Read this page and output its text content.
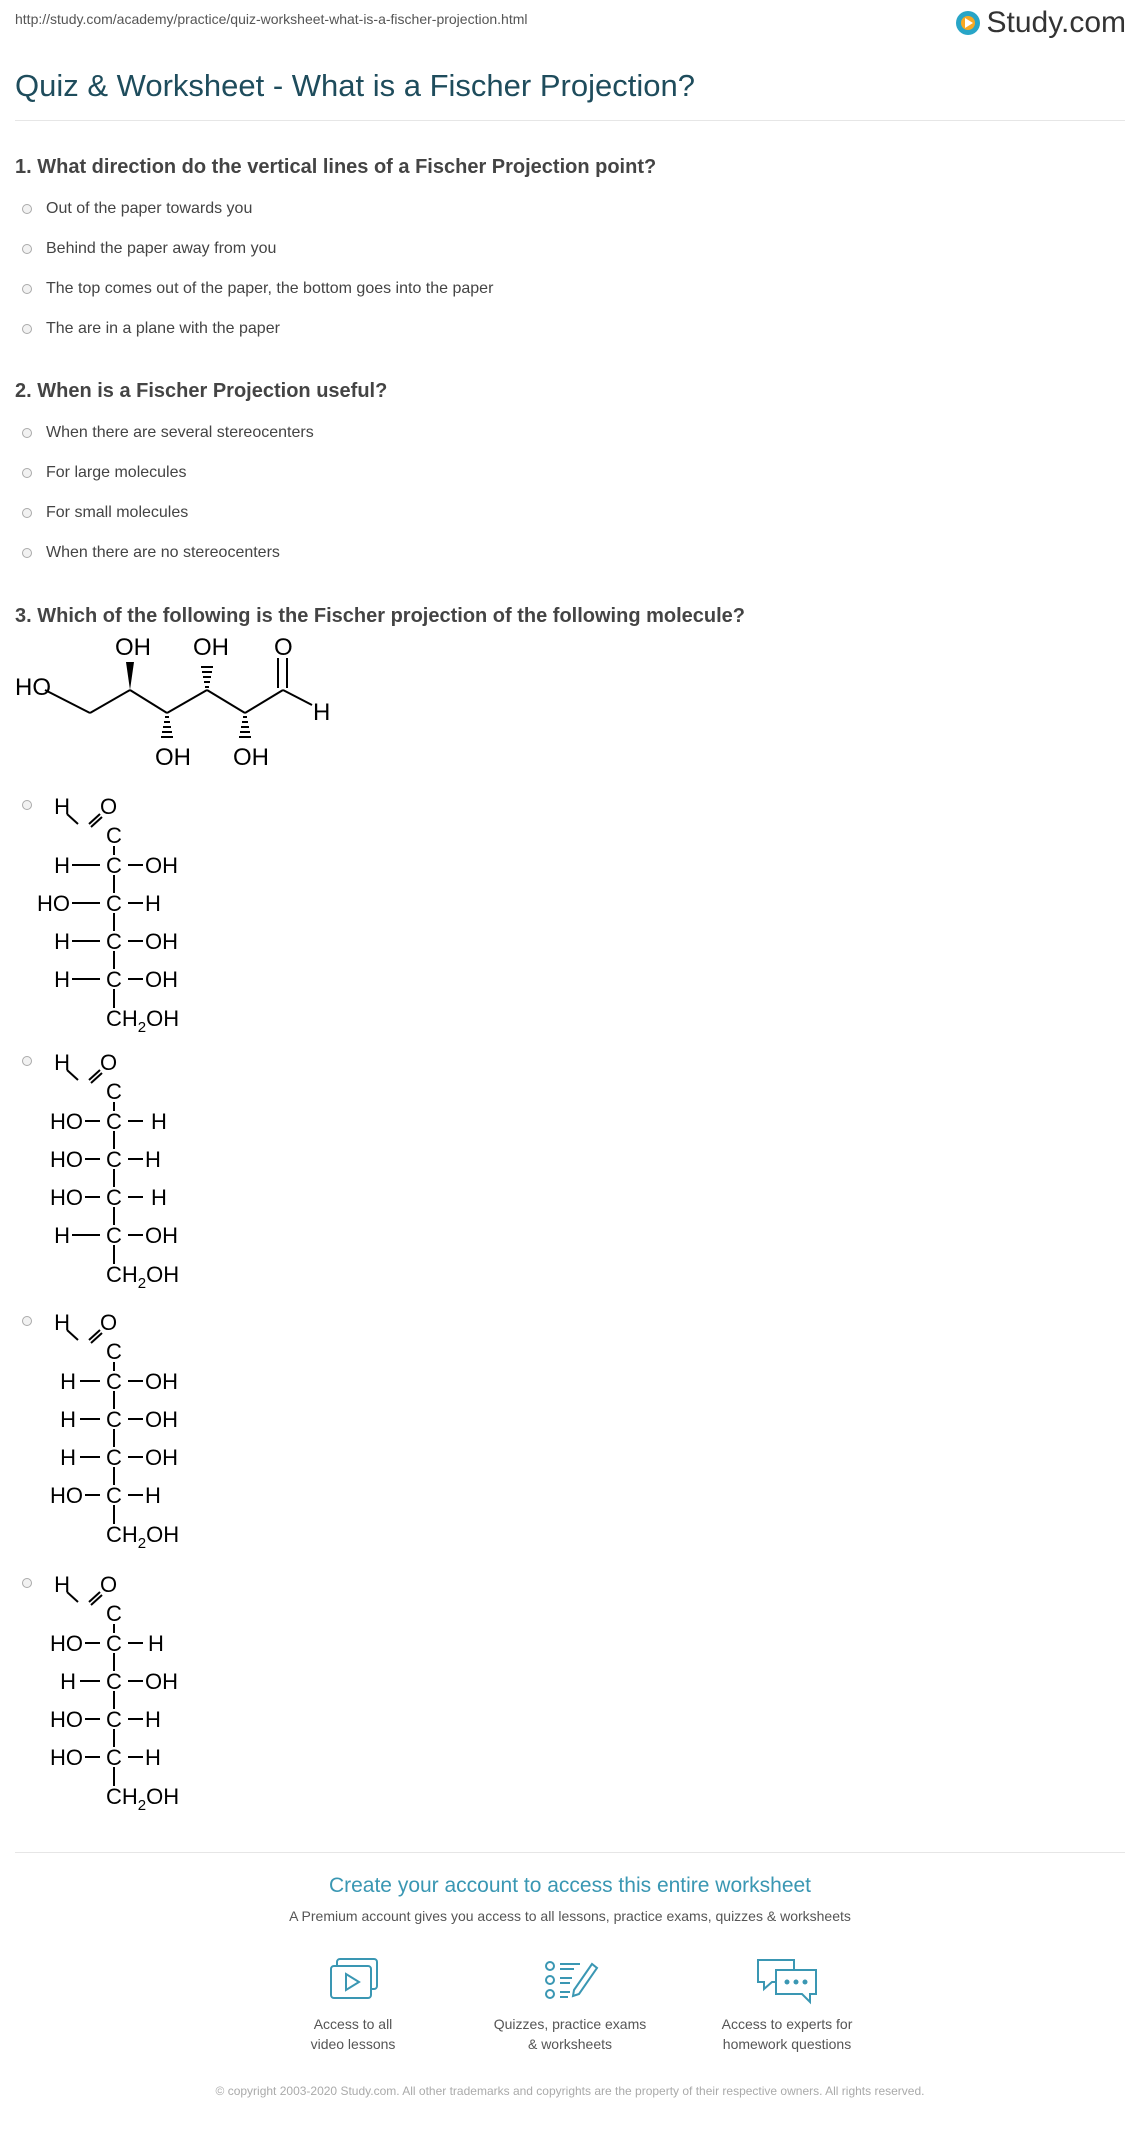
http://study.com/academy/practice/quiz-worksheet-what-is-a-fischer-projection.html	Study.com
Quiz & Worksheet - What is a Fischer Projection?
1. What direction do the vertical lines of a Fischer Projection point?
Out of the paper towards you
Behind the paper away from you
The top comes out of the paper, the bottom goes into the paper
The are in a plane with the paper
2. When is a Fischer Projection useful?
When there are several stereocenters
For large molecules
For small molecules
When there are no stereocenters
3. Which of the following is the Fischer projection of the following molecule?
HO
OH OH O
H
OH OH
H O
C
C
H	OH
C
HO	H
C
H	OH
C
H	OH
$CH_2OH$
H O
C
C
HO	H
C
HO	H
C
HO	H
C
H	OH
$CH_2OH$
H O
C
C
H	OH
C
H	OH
C
H	OH
C
HO	H
$CH_2OH$
H O
C
C
HO	H
C
H	OH
C
HO	H
C
HO	H
$CH_2OH$
Create your account to access this entire worksheet
A Premium account gives you access to all lessons, practice exams, quizzes & worksheets
Access to all
video lessons
Quizzes, practice exams
& worksheets
Access to experts for
homework questions
© copyright 2003-2020 Study.com. All other trademarks and copyrights are the property of their respective owners. All rights reserved.
